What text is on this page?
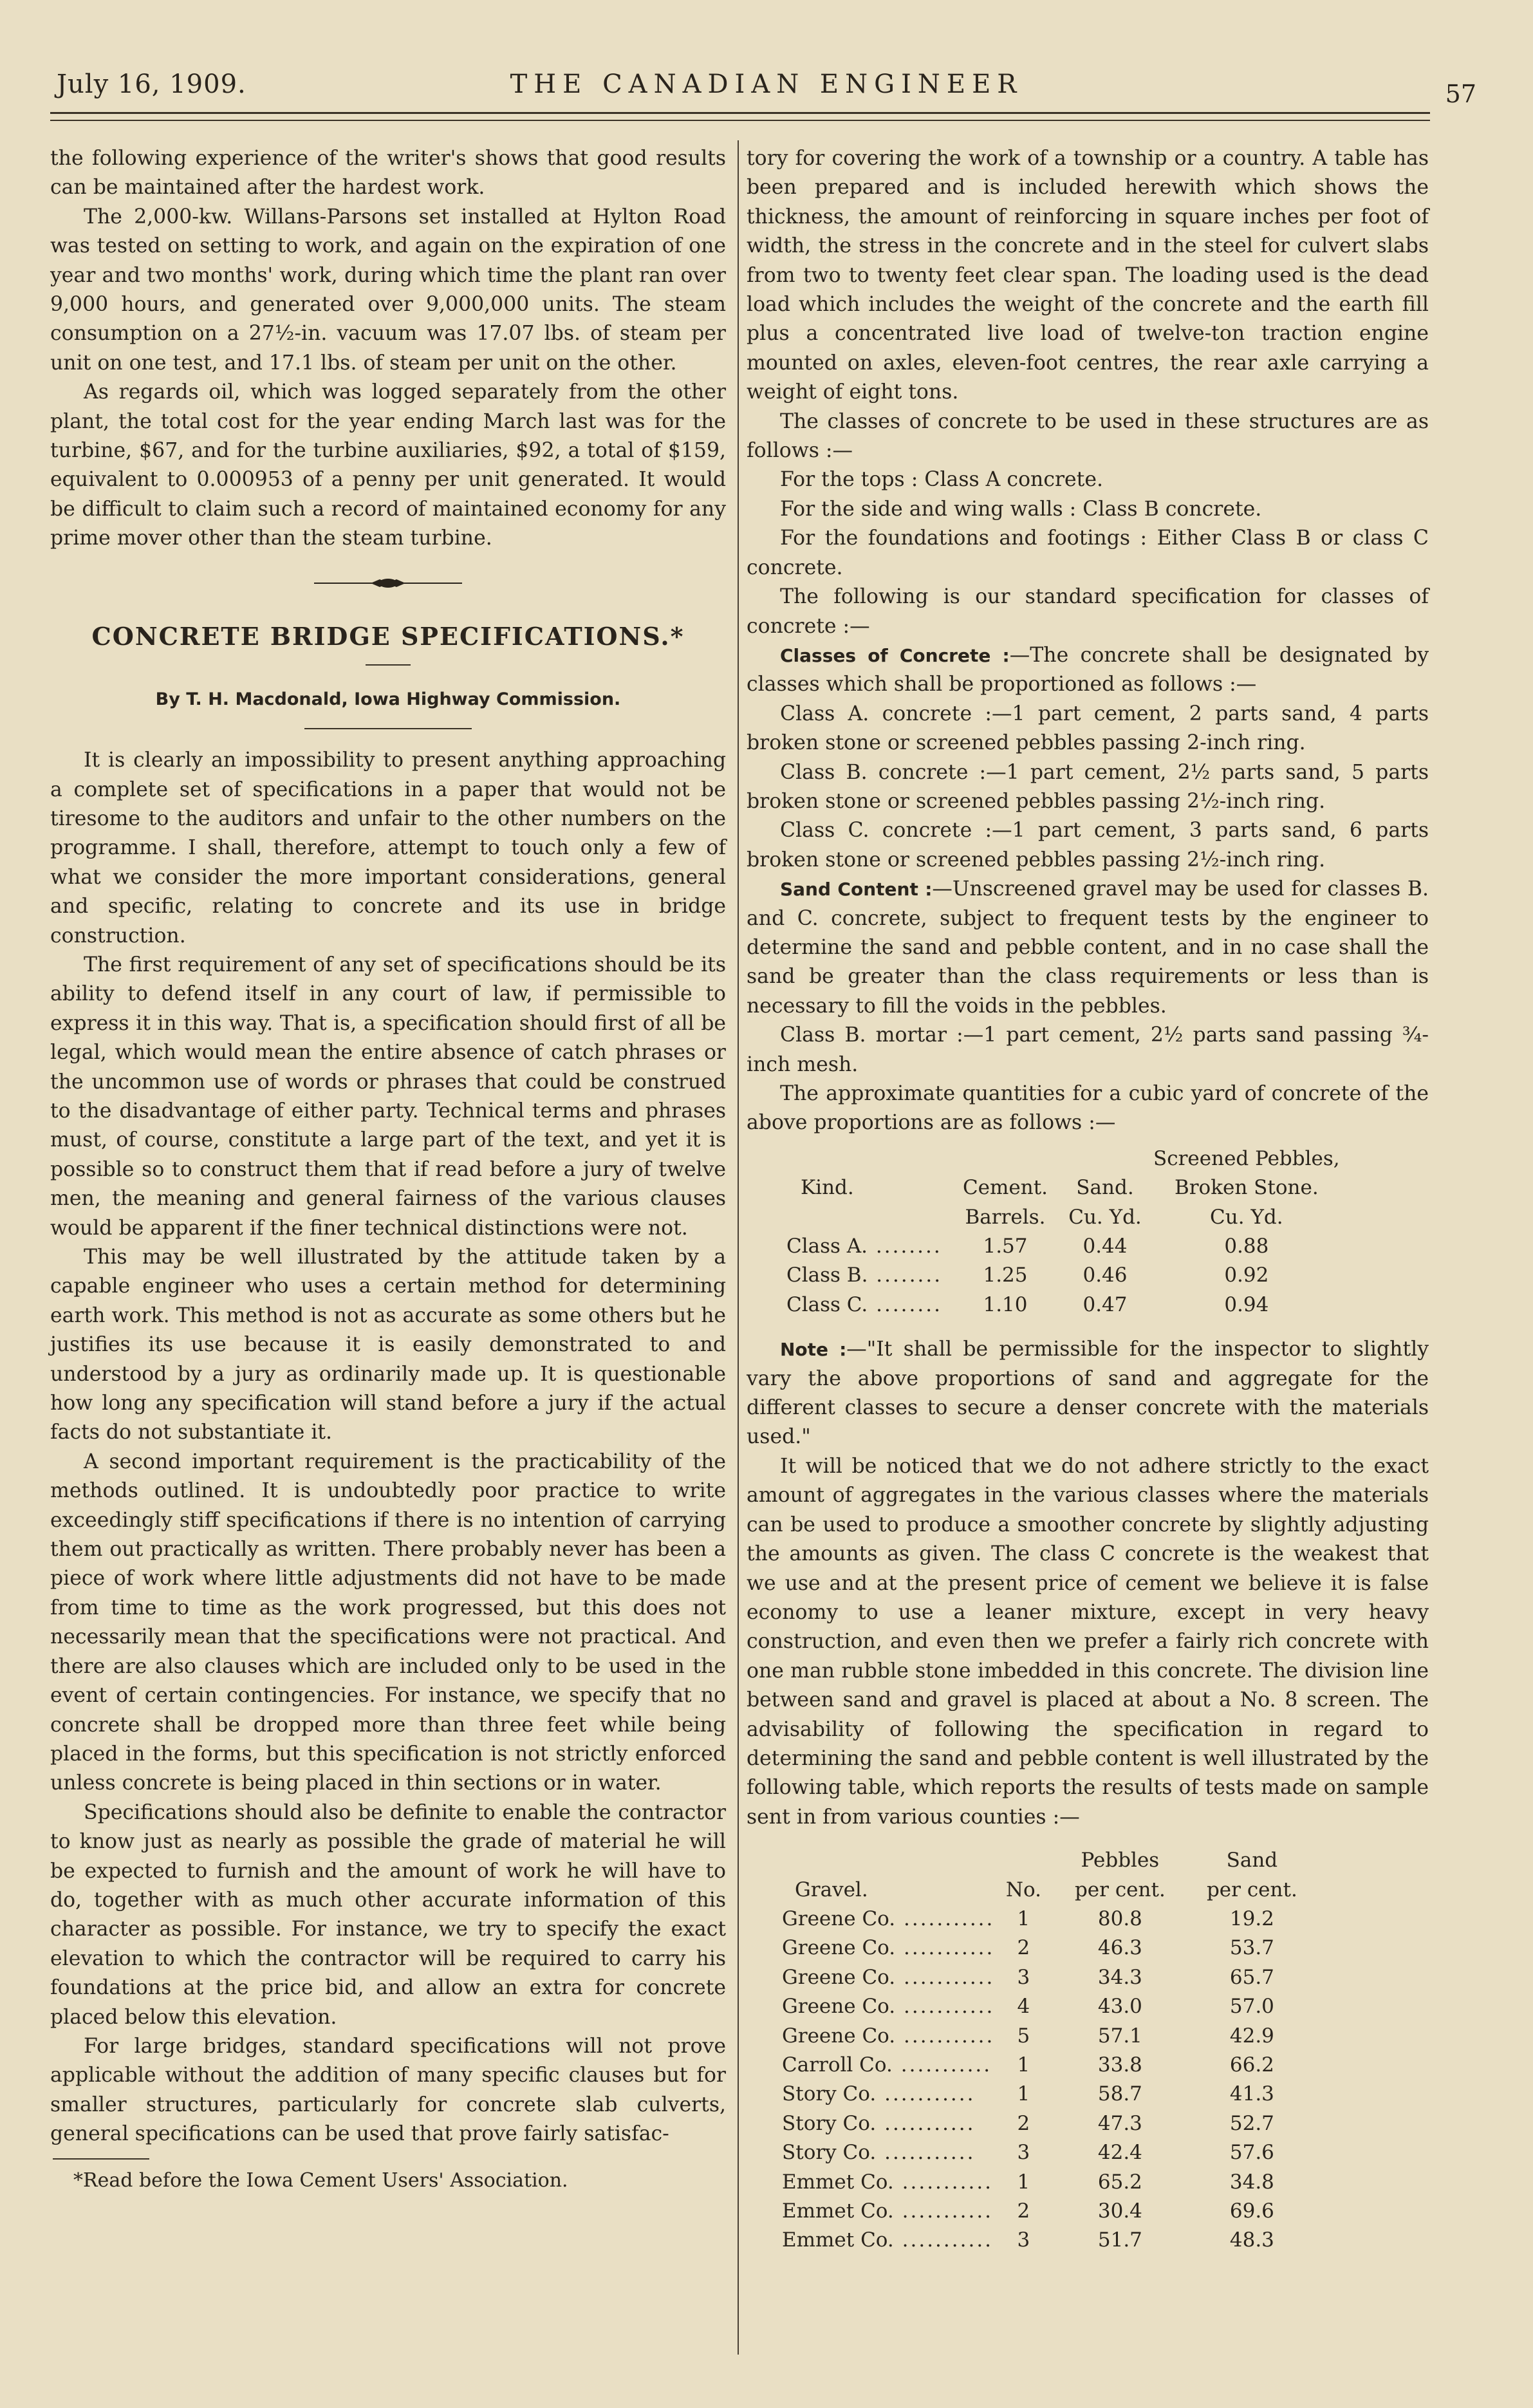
July 16, 1909.	THE CANADIAN ENGINEER	57

the following experience of the writer's shows that good results can be maintained after the hardest work.

The 2,000-kw. Willans-Parsons set installed at Hylton Road was tested on setting to work, and again on the expiration of one year and two months' work, during which time the plant ran over 9,000 hours, and generated over 9,000,000 units. The steam consumption on a 27½-in. vacuum was 17.07 lbs. of steam per unit on one test, and 17.1 lbs. of steam per unit on the other.

As regards oil, which was logged separately from the other plant, the total cost for the year ending March last was for the turbine, $67, and for the turbine auxiliaries, $92, a total of $159, equivalent to 0.000953 of a penny per unit generated. It would be difficult to claim such a record of maintained economy for any prime mover other than the steam turbine.

CONCRETE BRIDGE SPECIFICATIONS.*
By T. H. Macdonald, Iowa Highway Commission.

It is clearly an impossibility to present anything approaching a complete set of specifications in a paper that would not be tiresome to the auditors and unfair to the other numbers on the programme. I shall, therefore, attempt to touch only a few of what we consider the more important considerations, general and specific, relating to concrete and its use in bridge construction.

The first requirement of any set of specifications should be its ability to defend itself in any court of law, if permissible to express it in this way. That is, a specification should first of all be legal, which would mean the entire absence of catch phrases or the uncommon use of words or phrases that could be construed to the disadvantage of either party. Technical terms and phrases must, of course, constitute a large part of the text, and yet it is possible so to construct them that if read before a jury of twelve men, the meaning and general fairness of the various clauses would be apparent if the finer technical distinctions were not.

This may be well illustrated by the attitude taken by a capable engineer who uses a certain method for determining earth work. This method is not as accurate as some others but he justifies its use because it is easily demonstrated to and understood by a jury as ordinarily made up. It is questionable how long any specification will stand before a jury if the actual facts do not substantiate it.

A second important requirement is the practicability of the methods outlined. It is undoubtedly poor practice to write exceedingly stiff specifications if there is no intention of carrying them out practically as written. There probably never has been a piece of work where little adjustments did not have to be made from time to time as the work progressed, but this does not necessarily mean that the specifications were not practical. And there are also clauses which are included only to be used in the event of certain contingencies. For instance, we specify that no concrete shall be dropped more than three feet while being placed in the forms, but this specification is not strictly enforced unless concrete is being placed in thin sections or in water.

Specifications should also be definite to enable the contractor to know just as nearly as possible the grade of material he will be expected to furnish and the amount of work he will have to do, together with as much other accurate information of this character as possible. For instance, we try to specify the exact elevation to which the contractor will be required to carry his foundations at the price bid, and allow an extra for concrete placed below this elevation.

For large bridges, standard specifications will not prove applicable without the addition of many specific clauses but for smaller structures, particularly for concrete slab culverts, general specifications can be used that prove fairly satisfac-

*Read before the Iowa Cement Users' Association.

tory for covering the work of a township or a country. A table has been prepared and is included herewith which shows the thickness, the amount of reinforcing in square inches per foot of width, the stress in the concrete and in the steel for culvert slabs from two to twenty feet clear span. The loading used is the dead load which includes the weight of the concrete and the earth fill plus a concentrated live load of twelve-ton traction engine mounted on axles, eleven-foot centres, the rear axle carrying a weight of eight tons.

The classes of concrete to be used in these structures are as follows :—

For the tops : Class A concrete.

For the side and wing walls : Class B concrete.

For the foundations and footings : Either Class B or class C concrete.

The following is our standard specification for classes of concrete :—

Classes of Concrete :—The concrete shall be designated by classes which shall be proportioned as follows :—

Class A. concrete :—1 part cement, 2 parts sand, 4 parts broken stone or screened pebbles passing 2-inch ring.

Class B. concrete :—1 part cement, 2½ parts sand, 5 parts broken stone or screened pebbles passing 2½-inch ring.

Class C. concrete :—1 part cement, 3 parts sand, 6 parts broken stone or screened pebbles passing 2½-inch ring.

Sand Content :—Unscreened gravel may be used for classes B. and C. concrete, subject to frequent tests by the engineer to determine the sand and pebble content, and in no case shall the sand be greater than the class requirements or less than is necessary to fill the voids in the pebbles.

Class B. mortar :—1 part cement, 2½ parts sand passing ¾-inch mesh.

The approximate quantities for a cubic yard of concrete of the above proportions are as follows :—

			Screened Pebbles,
Kind.	Cement.	Sand.	Broken Stone.
	Barrels.	Cu. Yd.	Cu. Yd.
Class A. ........	1.57	0.44	0.88
Class B. ........	1.25	0.46	0.92
Class C. ........	1.10	0.47	0.94

Note :—"It shall be permissible for the inspector to slightly vary the above proportions of sand and aggregate for the different classes to secure a denser concrete with the materials used."

It will be noticed that we do not adhere strictly to the exact amount of aggregates in the various classes where the materials can be used to produce a smoother concrete by slightly adjusting the amounts as given. The class C concrete is the weakest that we use and at the present price of cement we believe it is false economy to use a leaner mixture, except in very heavy construction, and even then we prefer a fairly rich concrete with one man rubble stone imbedded in this concrete. The division line between sand and gravel is placed at about a No. 8 screen. The advisability of following the specification in regard to determining the sand and pebble content is well illustrated by the following table, which reports the results of tests made on sample sent in from various counties :—

		Pebbles	Sand
Gravel.	No.	per cent.	per cent.
Greene Co. ...........	1	80.8	19.2
Greene Co. ...........	2	46.3	53.7
Greene Co. ...........	3	34.3	65.7
Greene Co. ...........	4	43.0	57.0
Greene Co. ...........	5	57.1	42.9
Carroll Co. ...........	1	33.8	66.2
Story Co. ...........	1	58.7	41.3
Story Co. ...........	2	47.3	52.7
Story Co. ...........	3	42.4	57.6
Emmet Co. ...........	1	65.2	34.8
Emmet Co. ...........	2	30.4	69.6
Emmet Co. ...........	3	51.7	48.3
